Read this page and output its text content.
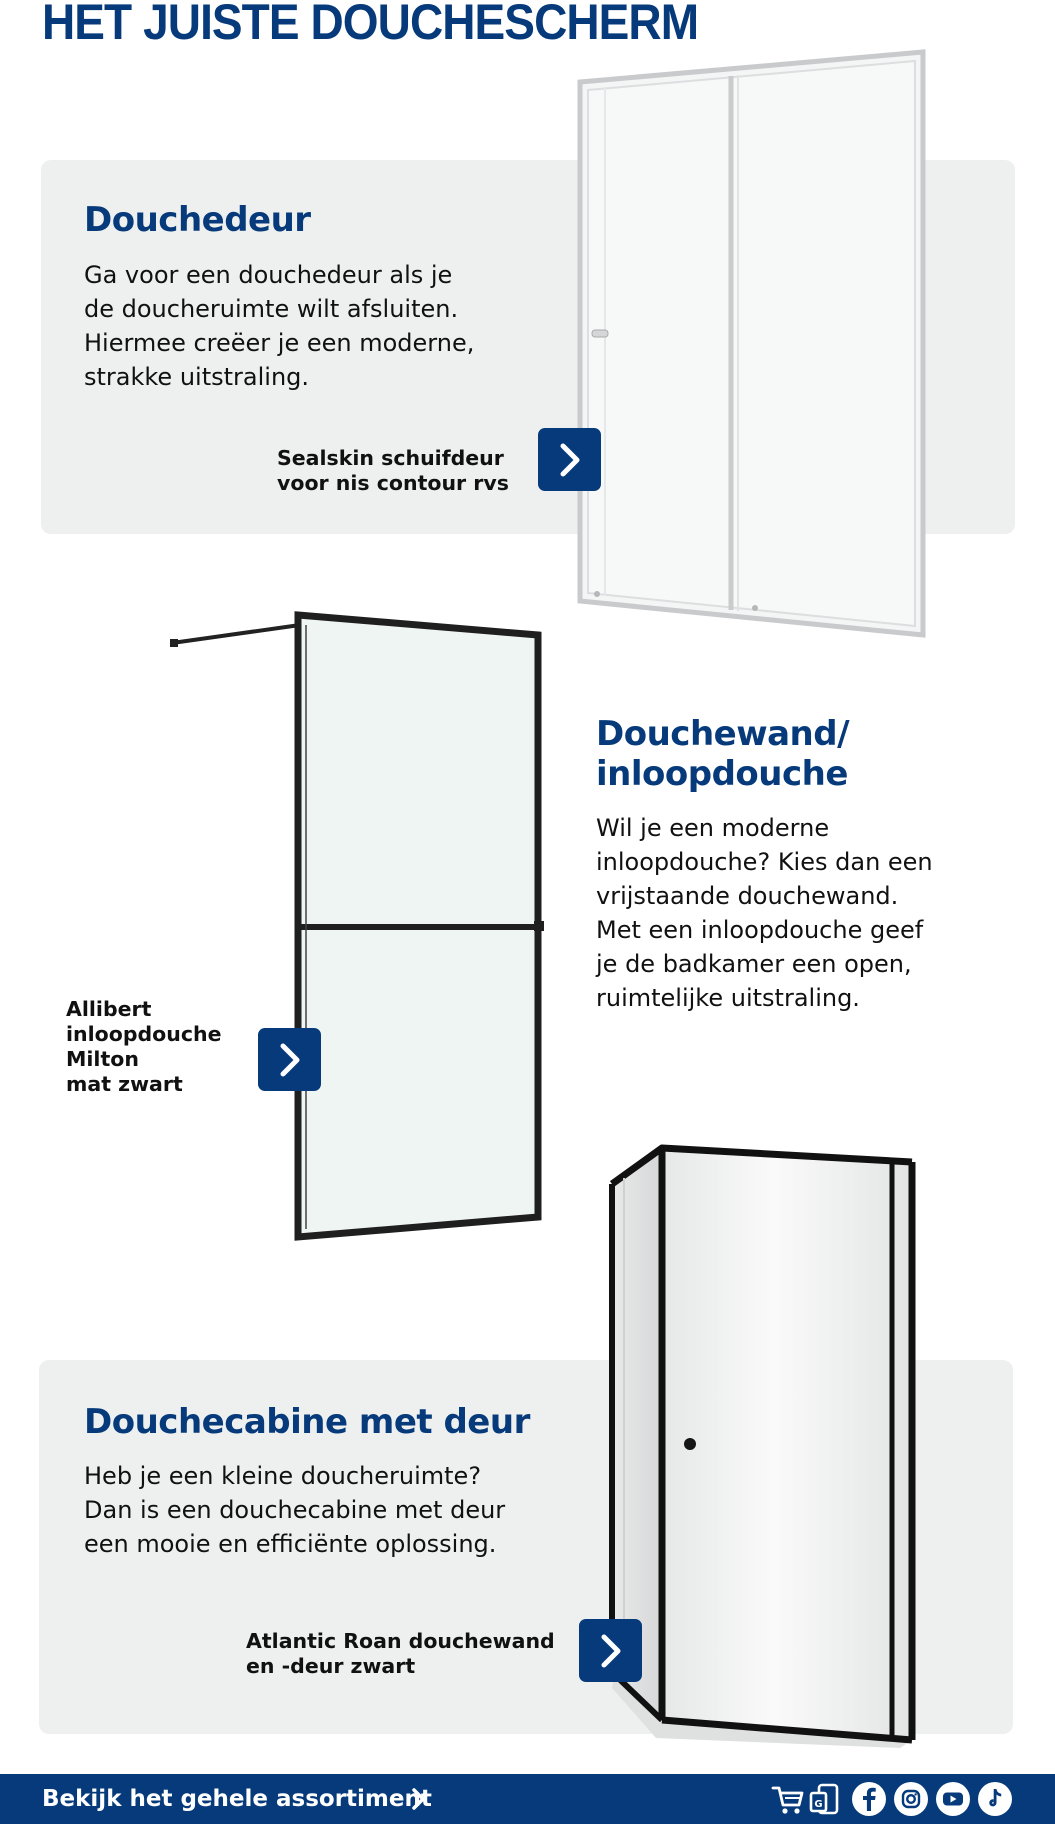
HET JUISTE DOUCHESCHERM
Douchedeur
Ga voor een douchedeur als je
de doucheruimte wilt afsluiten.
Hiermee creëer je een moderne,
strakke uitstraling.
Sealskin schuifdeur
voor nis contour rvs
Douchewand/
inloopdouche
Wil je een moderne
inloopdouche? Kies dan een
vrijstaande douchewand.
Met een inloopdouche geef
je de badkamer een open,
ruimtelijke uitstraling.
Allibert
inloopdouche
Milton
mat zwart
Douchecabine met deur
Heb je een kleine doucheruimte?
Dan is een douchecabine met deur
een mooie en efficiënte oplossing.
Atlantic Roan douchewand
en -deur zwart
Bekijk het gehele assortiment	G
